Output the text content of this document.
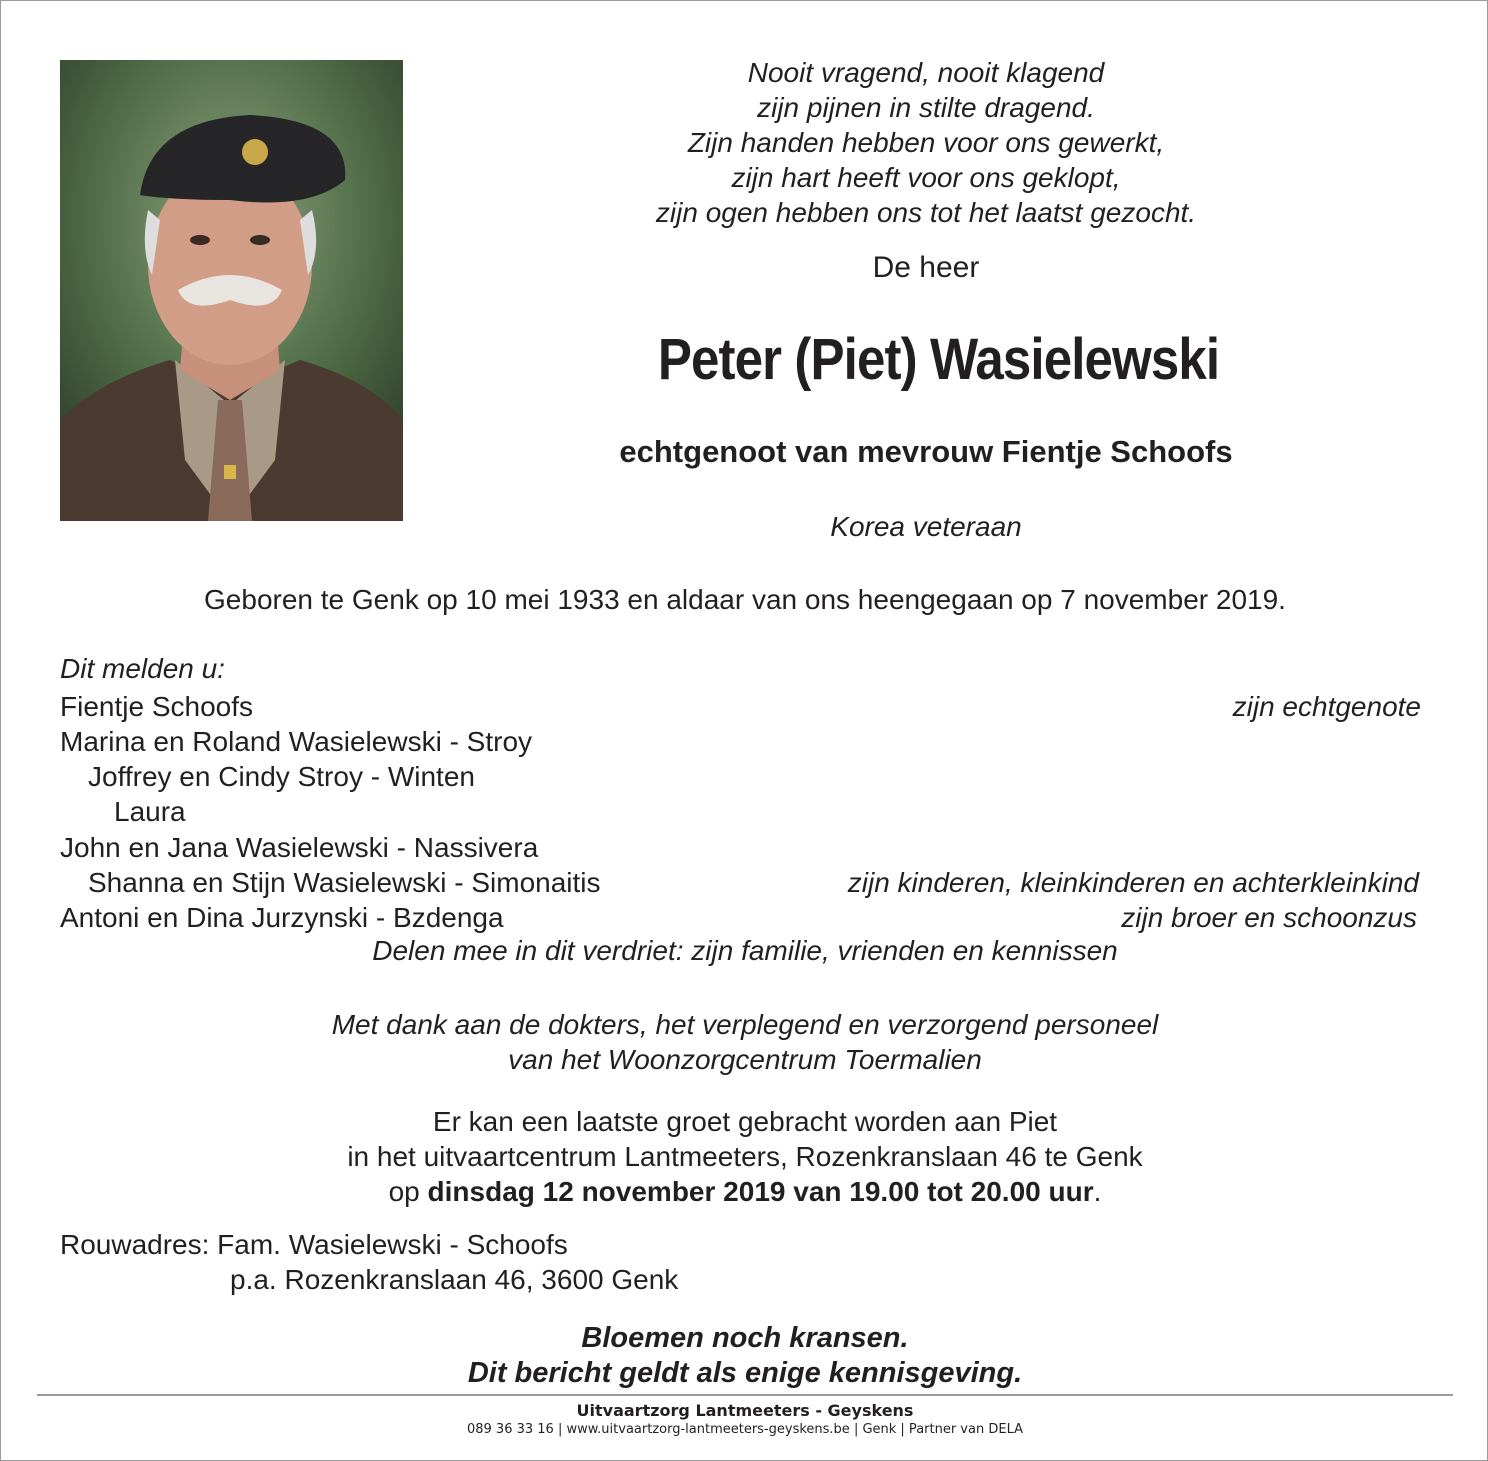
Nooit vragend, nooit klagend
zijn pijnen in stilte dragend.
Zijn handen hebben voor ons gewerkt,
zijn hart heeft voor ons geklopt,
zijn ogen hebben ons tot het laatst gezocht.
De heer
Peter (Piet) Wasielewski
echtgenoot van mevrouw Fientje Schoofs
Korea veteraan
Geboren te Genk op 10 mei 1933 en aldaar van ons heengegaan op 7 november 2019.
Dit melden u:
Fientje Schoofs
Marina en Roland Wasielewski - Stroy
Joffrey en Cindy Stroy - Winten
Laura
John en Jana Wasielewski - Nassivera
Shanna en Stijn Wasielewski - Simonaitis
Antoni en Dina Jurzynski - Bzdenga
zijn echtgenote
zijn kinderen, kleinkinderen en achterkleinkind
zijn broer en schoonzus
Delen mee in dit verdriet: zijn familie, vrienden en kennissen
Met dank aan de dokters, het verplegend en verzorgend personeel
van het Woonzorgcentrum Toermalien
Er kan een laatste groet gebracht worden aan Piet
in het uitvaartcentrum Lantmeeters, Rozenkranslaan 46 te Genk
op dinsdag 12 november 2019 van 19.00 tot 20.00 uur.
Rouwadres: Fam. Wasielewski - Schoofs
p.a. Rozenkranslaan 46, 3600 Genk
Bloemen noch kransen.
Dit bericht geldt als enige kennisgeving.
Uitvaartzorg Lantmeeters - Geyskens
089 36 33 16 | www.uitvaartzorg-lantmeeters-geyskens.be | Genk | Partner van DELA
